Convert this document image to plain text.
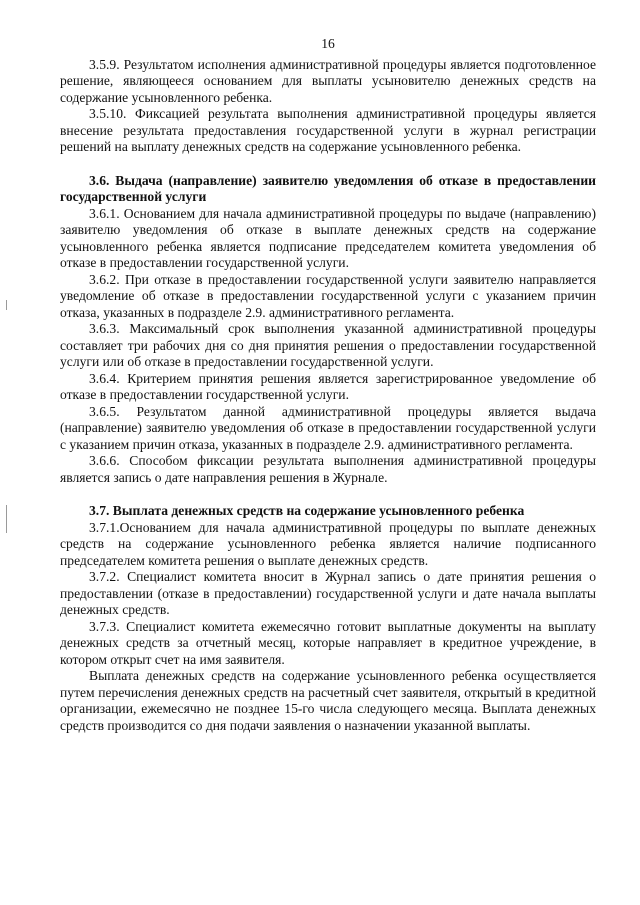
16

3.5.9. Результатом исполнения административной процедуры является подготовленное решение, являющееся основанием для выплаты усыновителю денежных средств на содержание усыновленного ребенка.

3.5.10. Фиксацией результата выполнения административной процедуры является внесение результата предоставления государственной услуги в журнал регистрации решений на выплату денежных средств на содержание усыновленного ребенка.

3.6. Выдача (направление) заявителю уведомления об отказе в предоставлении государственной услуги

3.6.1. Основанием для начала административной процедуры по выдаче (направлению) заявителю уведомления об отказе в выплате денежных средств на содержание усыновленного ребенка является подписание председателем комитета уведомления об отказе в предоставлении государственной услуги.

3.6.2. При отказе в предоставлении государственной услуги заявителю направляется уведомление об отказе в предоставлении государственной услуги с указанием причин отказа, указанных в подразделе 2.9. административного регламента.

3.6.3. Максимальный срок выполнения указанной административной процедуры составляет три рабочих дня со дня принятия решения о предоставлении государственной услуги или об отказе в предоставлении государственной услуги.

3.6.4. Критерием принятия решения является зарегистрированное уведомление об отказе в предоставлении государственной услуги.

3.6.5. Результатом данной административной процедуры является выдача (направление) заявителю уведомления об отказе в предоставлении государственной услуги с указанием причин отказа, указанных в подразделе 2.9. административного регламента.

3.6.6. Способом фиксации результата выполнения административной процедуры является запись о дате направления решения в Журнале.

3.7. Выплата денежных средств на содержание усыновленного ребенка

3.7.1.Основанием для начала административной процедуры по выплате денежных средств на содержание усыновленного ребенка является наличие подписанного председателем комитета решения о выплате денежных средств.

3.7.2. Специалист комитета вносит в Журнал запись о дате принятия решения о предоставлении (отказе в предоставлении) государственной услуги и дате начала выплаты денежных средств.

3.7.3. Специалист комитета ежемесячно готовит выплатные документы на выплату денежных средств за отчетный месяц, которые направляет в кредитное учреждение, в котором открыт счет на имя заявителя.

Выплата денежных средств на содержание усыновленного ребенка осуществляется путем перечисления денежных средств на расчетный счет заявителя, открытый в кредитной организации, ежемесячно не позднее 15-го числа следующего месяца. Выплата денежных средств производится со дня подачи заявления о назначении указанной выплаты.
